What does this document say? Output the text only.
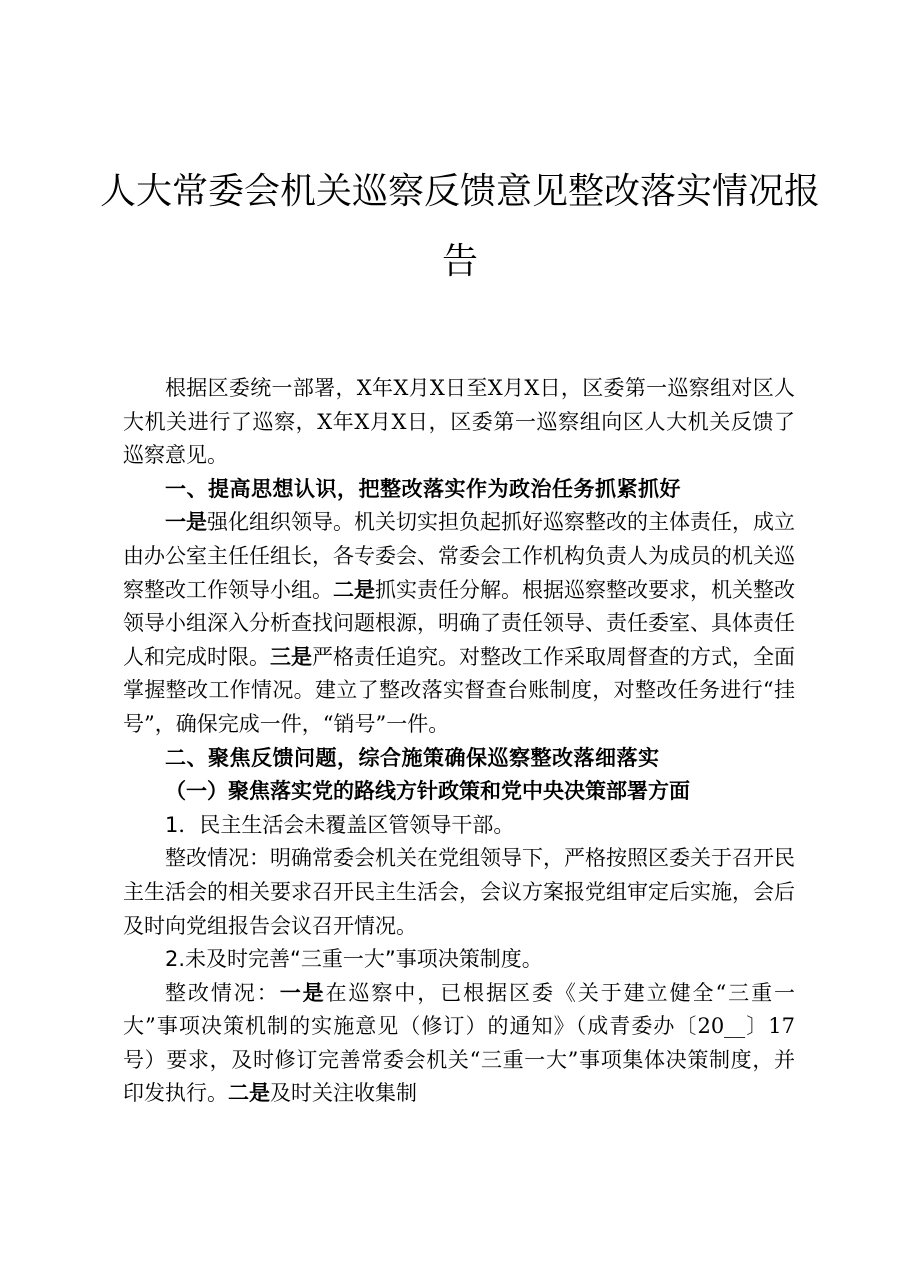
人大常委会机关巡察反馈意见整改落实情况报
告

根据区委统一部署，X年X月X日至X月X日，区委第一巡察组对区人大机关进行了巡察，X年X月X日，区委第一巡察组向区人大机关反馈了巡察意见。

一、提高思想认识，把整改落实作为政治任务抓紧抓好

一是强化组织领导。机关切实担负起抓好巡察整改的主体责任，成立由办公室主任任组长，各专委会、常委会工作机构负责人为成员的机关巡察整改工作领导小组。二是抓实责任分解。根据巡察整改要求，机关整改领导小组深入分析查找问题根源，明确了责任领导、责任委室、具体责任人和完成时限。三是严格责任追究。对整改工作采取周督查的方式，全面掌握整改工作情况。建立了整改落实督查台账制度，对整改任务进行“挂号”，确保完成一件，“销号”一件。

二、聚焦反馈问题，综合施策确保巡察整改落细落实

（一）聚焦落实党的路线方针政策和党中央决策部署方面

1．民主生活会未覆盖区管领导干部。

整改情况：明确常委会机关在党组领导下，严格按照区委关于召开民主生活会的相关要求召开民主生活会，会议方案报党组审定后实施，会后及时向党组报告会议召开情况。

2.未及时完善“三重一大”事项决策制度。

整改情况：一是在巡察中，已根据区委《关于建立健全“三重一大”事项决策机制的实施意见（修订）的通知》（成青委办〔20__〕17号）要求，及时修订完善常委会机关“三重一大”事项集体决策制度，并印发执行。二是及时关注收集制
